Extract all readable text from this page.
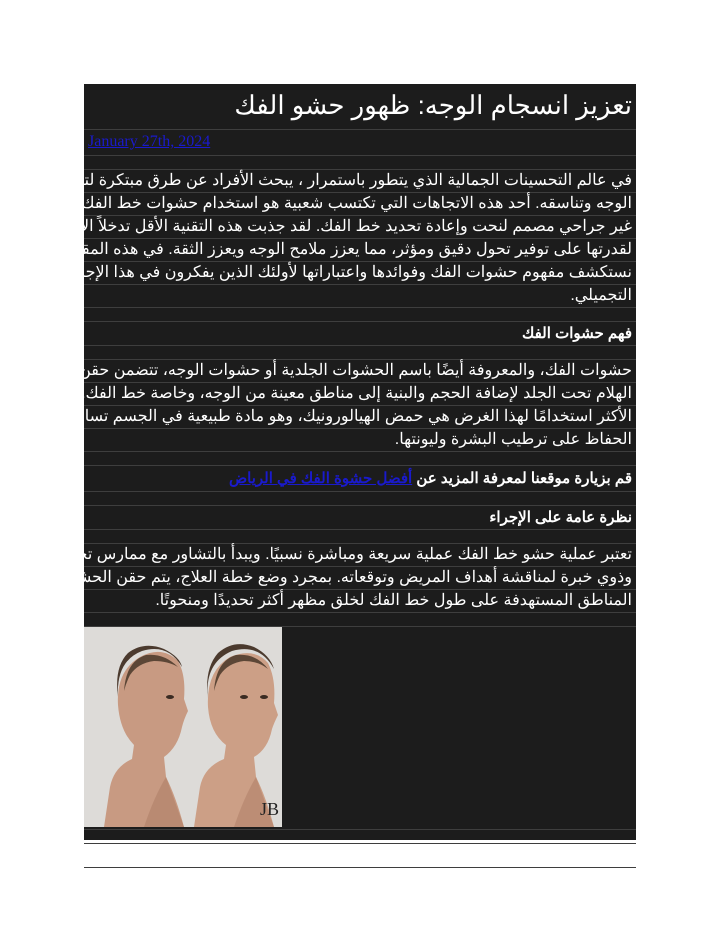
تعزيز انسجام الوجه: ظهور حشو الفك
January 27th, 2024
في عالم التحسينات الجمالية الذي يتطور باستمرار ، يبحث الأفراد عن طرق مبتكرة لتحقيق توازن
الوجه وتناسقه. أحد هذه الاتجاهات التي تكتسب شعبية هو استخدام حشوات خط الفك، وهو إجراء
غير جراحي مصمم لنحت وإعادة تحديد خط الفك. لقد جذبت هذه التقنية الأقل تدخلاً الانتباه
لقدرتها على توفير تحول دقيق ومؤثر، مما يعزز ملامح الوجه ويعزز الثقة. في هذه المقالة، سوف
نستكشف مفهوم حشوات الفك وفوائدها واعتباراتها لأولئك الذين يفكرون في هذا الإجراء
التجميلي.
فهم حشوات الفك
حشوات الفك، والمعروفة أيضًا باسم الحشوات الجلدية أو حشوات الوجه، تتضمن حقن مادة تشبه
الهلام تحت الجلد لإضافة الحجم والبنية إلى مناطق معينة من الوجه، وخاصة خط الفك. الحشوات
الأكثر استخدامًا لهذا الغرض هي حمض الهيالورونيك، وهو مادة طبيعية في الجسم تساعد في
الحفاظ على ترطيب البشرة وليونتها.
قم بزيارة موقعنا لمعرفة المزيد عن أفضل حشوة الفك في الرياض
نظرة عامة على الإجراء
تعتبر عملية حشو خط الفك عملية سريعة ومباشرة نسبيًا. ويبدأ بالتشاور مع ممارس تجميلي مؤهل
وذوي خبرة لمناقشة أهداف المريض وتوقعاته. بمجرد وضع خطة العلاج، يتم حقن الحشو في
المناطق المستهدفة على طول خط الفك لخلق مظهر أكثر تحديدًا ومنحوتًا.
JB
فوائد حشو الفك
